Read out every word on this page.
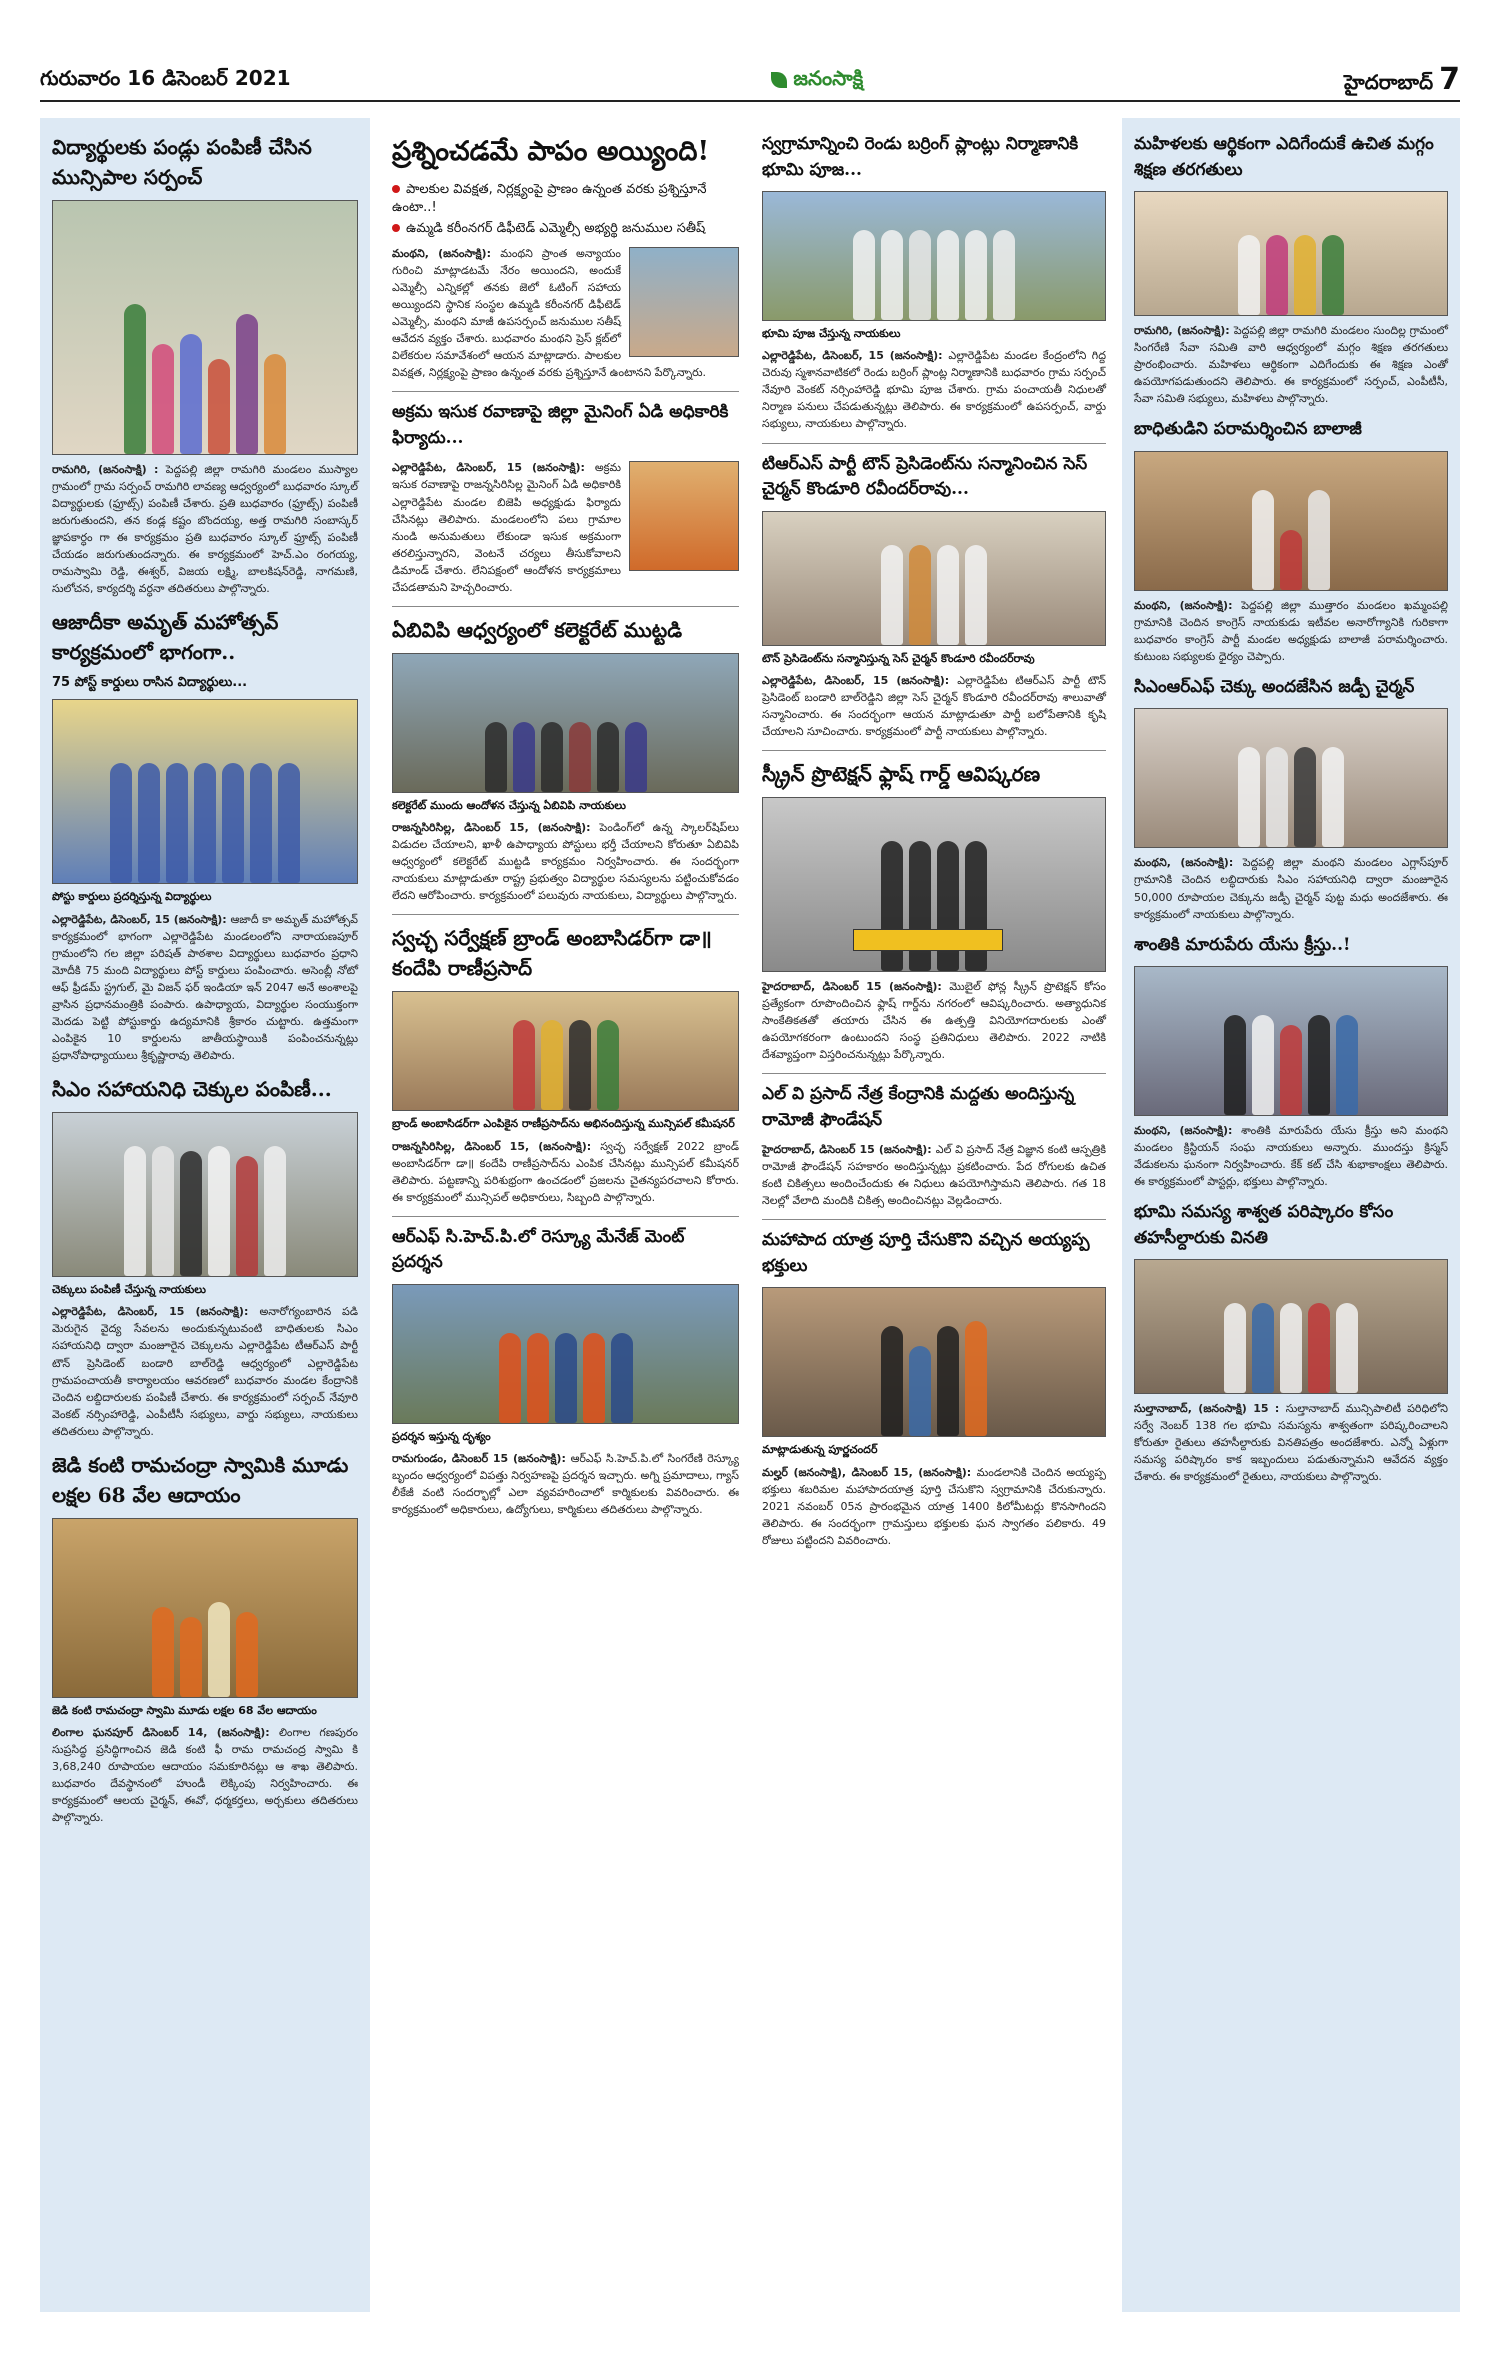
గురువారం 16 డిసెంబర్ 2021	జనంసాక్షి	హైదరాబాద్ 7
విద్యార్థులకు పండ్లు పంపిణీ చేసిన మున్సిపాల సర్పంచ్
రామగిరి, (జనంసాక్షి) : పెద్దపల్లి జిల్లా రామగిరి మండలం ముస్యాల గ్రామంలో గ్రామ సర్పంచ్ రామగిరి లావణ్య ఆధ్వర్యంలో బుధవారం స్కూల్ విద్యార్థులకు (ఫ్రూట్స్) పంపిణీ చేశారు. ప్రతి బుధవారం (ఫ్రూట్స్) పంపిణీ జరుగుతుందని, తన కండ్ల కష్టం బొందయ్య, అత్త రామగిరి సంబాస్కర్ జ్ఞాపకార్ధం గా ఈ కార్యక్రమం ప్రతి బుధవారం స్కూల్ ఫ్రూట్స్ పంపిణీ చేయడం జరుగుతుందన్నారు. ఈ కార్యక్రమంలో హెచ్.ఎం రంగయ్య, రామస్వామి రెడ్డి, ఈశ్వర్, విజయ లక్ష్మి, బాలకిషన్‌రెడ్డి, నాగమణి, సులోచన, కార్యదర్శి వర్ధనా తదితరులు పాల్గొన్నారు.
ఆజాదీకా అమృత్ మహోత్సవ్ కార్యక్రమంలో భాగంగా..
75 పోస్ట్ కార్డులు రాసిన విద్యార్థులు...
పోస్టు కార్డులు ప్రదర్శిస్తున్న విద్యార్థులు
ఎల్లారెడ్డిపేట, డిసెంబర్, 15 (జనంసాక్షి): ఆజాదీ కా అమృత్ మహోత్సవ్ కార్యక్రమంలో భాగంగా ఎల్లారెడ్డిపేట మండలంలోని నారాయణపూర్ గ్రామంలోని గల జిల్లా పరిషత్ పాఠశాల విద్యార్థులు బుధవారం ప్రధాని మోదీకి 75 మంది విద్యార్థులు పోస్ట్ కార్డులు పంపించారు. అసెంబ్లీ నోటో ఆఫ్ ఫ్రీడమ్ స్ట్రగుల్, మై విజన్ ఫర్ ఇండియా ఇన్ 2047 అనే అంశాలపై వ్రాసిన ప్రధానమంత్రికి పంపారు. ఉపాధ్యాయ, విద్యార్థుల సంయుక్తంగా మెదడు పెట్టి పోస్టుకార్డు ఉద్యమానికి శ్రీకారం చుట్టారు. ఉత్తమంగా ఎంపికైన 10 కార్డులను జాతీయస్థాయికి పంపించనున్నట్లు ప్రధానోపాధ్యాయులు శ్రీకృష్ణారావు తెలిపారు.
సిఎం సహాయనిధి చెక్కుల పంపిణీ...
చెక్కులు పంపిణీ చేస్తున్న నాయకులు
ఎల్లారెడ్డిపేట, డిసెంబర్, 15 (జనంసాక్షి): అనారోగ్యంబారిన పడి మెరుగైన వైద్య సేవలను అందుకున్నటువంటి బాధితులకు సిఎం సహాయనిధి ద్వారా మంజూరైన చెక్కులను ఎల్లారెడ్డిపేట టీఆర్ఎస్ పార్టీ టౌన్ ప్రెసిడెంట్ బండారి బాల్‌రెడ్డి ఆధ్వర్యంలో ఎల్లారెడ్డిపేట గ్రామపంచాయతీ కార్యాలయం ఆవరణలో బుధవారం మండల కేంద్రానికి చెందిన లబ్దిదారులకు పంపిణీ చేశారు. ఈ కార్యక్రమంలో సర్పంచ్ నేవూరి వెంకట్ నర్సింహారెడ్డి, ఎంపీటీసీ సభ్యులు, వార్డు సభ్యులు, నాయకులు తదితరులు పాల్గొన్నారు.
జెడి కంటి రామచంద్రా స్వామికి మూడు లక్షల 68 వేల ఆదాయం
జెడి కంటి రామచంద్రా స్వామి మూడు లక్షల 68 వేల ఆదాయం
లింగాల ఘనపూర్ డిసెంబర్ 14, (జనంసాక్షి): లింగాల గణపురం సుప్రసిద్ధ ప్రసిద్ధిగాంచిన జెడి కంటి ఫీ రామ రామచంద్ర స్వామి కి 3,68,240 రూపాయల ఆదాయం సమకూరినట్లు ఆ శాఖ తెలిపారు. బుధవారం దేవస్థానంలో హుండీ లెక్కింపు నిర్వహించారు. ఈ కార్యక్రమంలో ఆలయ చైర్మన్, ఈవో, ధర్మకర్తలు, అర్చకులు తదితరులు పాల్గొన్నారు.
ప్రశ్నించడమే పాపం అయ్యింది!
పాలకుల వివక్షత, నిర్లక్ష్యంపై ప్రాణం ఉన్నంత వరకు ప్రశ్నిస్తూనే ఉంటా..!
ఉమ్మడి కరీంనగర్ డిఫీటెడ్ ఎమ్మెల్సీ అభ్యర్థి జనుముల సతీష్
మంథని, (జనంసాక్షి): మంథని ప్రాంత అన్యాయం గురించి మాట్లాడటమే నేరం అయిందని, అందుకే ఎమ్మెల్సీ ఎన్నికల్లో తనకు జెలో ఓటింగ్ సహాయ అయ్యిందని స్థానిక సంస్థల ఉమ్మడి కరీంనగర్ డిఫీటెడ్ ఎమ్మెల్సీ, మంథని మాజీ ఉపసర్పంచ్ జనుముల సతీష్ ఆవేదన వ్యక్తం చేశారు. బుధవారం మంథని ప్రెస్ క్లబ్‌లో విలేకరుల సమావేశంలో ఆయన మాట్లాడారు. పాలకుల వివక్షత, నిర్లక్ష్యంపై ప్రాణం ఉన్నంత వరకు ప్రశ్నిస్తూనే ఉంటానని పేర్కొన్నారు.
అక్రమ ఇసుక రవాణాపై జిల్లా మైనింగ్ ఏడి అధికారికి ఫిర్యాదు...
ఎల్లారెడ్డిపేట, డిసెంబర్, 15 (జనంసాక్షి): అక్రమ ఇసుక రవాణాపై రాజన్నసిరిసిల్ల మైనింగ్ ఏడి అధికారికి ఎల్లారెడ్డిపేట మండల బిజెపి అధ్యక్షుడు ఫిర్యాదు చేసినట్లు తెలిపారు. మండలంలోని పలు గ్రామాల నుండి అనుమతులు లేకుండా ఇసుక అక్రమంగా తరలిస్తున్నారని, వెంటనే చర్యలు తీసుకోవాలని డిమాండ్ చేశారు. లేనిపక్షంలో ఆందోళన కార్యక్రమాలు చేపడతామని హెచ్చరించారు.
ఏబివిపి ఆధ్వర్యంలో కలెక్టరేట్ ముట్టడి
కలెక్టరేట్ ముందు ఆందోళన చేస్తున్న ఏబివిపి నాయకులు
రాజన్నసిరిసిల్ల, డిసెంబర్ 15, (జనంసాక్షి): పెండింగ్‌లో ఉన్న స్కాలర్‌షిప్‌లు విడుదల చేయాలని, ఖాళీ ఉపాధ్యాయ పోస్టులు భర్తీ చేయాలని కోరుతూ ఏబివిపి ఆధ్వర్యంలో కలెక్టరేట్ ముట్టడి కార్యక్రమం నిర్వహించారు. ఈ సందర్భంగా నాయకులు మాట్లాడుతూ రాష్ట్ర ప్రభుత్వం విద్యార్థుల సమస్యలను పట్టించుకోవడం లేదని ఆరోపించారు. కార్యక్రమంలో పలువురు నాయకులు, విద్యార్థులు పాల్గొన్నారు.
స్వచ్ఛ సర్వేక్షణ్ బ్రాండ్ అంబాసిడర్‌గా డా॥ కందేపి రాణీప్రసాద్
బ్రాండ్ అంబాసిడర్‌గా ఎంపికైన రాణీప్రసాద్‌ను అభినందిస్తున్న మున్సిపల్ కమీషనర్
రాజన్నసిరిసిల్ల, డిసెంబర్ 15, (జనంసాక్షి): స్వచ్ఛ సర్వేక్షణ్ 2022 బ్రాండ్ అంబాసిడర్‌గా డా॥ కందేపి రాణీప్రసాద్‌ను ఎంపిక చేసినట్లు మున్సిపల్ కమీషనర్ తెలిపారు. పట్టణాన్ని పరిశుభ్రంగా ఉంచడంలో ప్రజలను చైతన్యపరచాలని కోరారు. ఈ కార్యక్రమంలో మున్సిపల్ అధికారులు, సిబ్బంది పాల్గొన్నారు.
ఆర్ఎఫ్ సి.హెచ్.పి.లో రెస్క్యూ మేనేజ్ మెంట్ ప్రదర్శన
ప్రదర్శన ఇస్తున్న దృశ్యం
రామగుండం, డిసెంబర్ 15 (జనంసాక్షి): ఆర్ఎఫ్ సి.హెచ్.పి.లో సింగరేణి రెస్క్యూ బృందం ఆధ్వర్యంలో విపత్తు నిర్వహణపై ప్రదర్శన ఇచ్చారు. అగ్ని ప్రమాదాలు, గ్యాస్ లీకేజీ వంటి సందర్భాల్లో ఎలా వ్యవహరించాలో కార్మికులకు వివరించారు. ఈ కార్యక్రమంలో అధికారులు, ఉద్యోగులు, కార్మికులు తదితరులు పాల్గొన్నారు.
స్వగ్రామాన్నించి రెండు బర్రింగ్ ప్లాంట్లు నిర్మాణానికి భూమి పూజ...
భూమి పూజ చేస్తున్న నాయకులు
ఎల్లారెడ్డిపేట, డిసెంబర్, 15 (జనంసాక్షి): ఎల్లారెడ్డిపేట మండల కేంద్రంలోని గిద్ద చెరువు స్మశానవాటికలో రెండు బర్రింగ్ ప్లాంట్ల నిర్మాణానికి బుధవారం గ్రామ సర్పంచ్ నేవూరి వెంకట్ నర్సింహారెడ్డి భూమి పూజ చేశారు. గ్రామ పంచాయతీ నిధులతో నిర్మాణ పనులు చేపడుతున్నట్లు తెలిపారు. ఈ కార్యక్రమంలో ఉపసర్పంచ్, వార్డు సభ్యులు, నాయకులు పాల్గొన్నారు.
టిఆర్ఎస్ పార్టీ టౌన్ ప్రెసిడెంట్‌ను సన్మానించిన సెస్ చైర్మన్ కొండూరి రవీందర్‌రావు...
టౌన్ ప్రెసిడెంట్‌ను సన్మానిస్తున్న సెస్ చైర్మన్ కొండూరి రవీందర్‌రావు
ఎల్లారెడ్డిపేట, డిసెంబర్, 15 (జనంసాక్షి): ఎల్లారెడ్డిపేట టిఆర్ఎస్ పార్టీ టౌన్ ప్రెసిడెంట్ బండారి బాల్‌రెడ్డిని జిల్లా సెస్ చైర్మన్ కొండూరి రవీందర్‌రావు శాలువాతో సన్మానించారు. ఈ సందర్భంగా ఆయన మాట్లాడుతూ పార్టీ బలోపేతానికి కృషి చేయాలని సూచించారు. కార్యక్రమంలో పార్టీ నాయకులు పాల్గొన్నారు.
స్క్రీన్ ప్రొటెక్షన్ ఫ్లాష్ గార్డ్ ఆవిష్కరణ
హైదరాబాద్, డిసెంబర్ 15 (జనంసాక్షి): మొబైల్ ఫోన్ల స్క్రీన్ ప్రొటెక్షన్ కోసం ప్రత్యేకంగా రూపొందించిన ఫ్లాష్ గార్డ్‌ను నగరంలో ఆవిష్కరించారు. అత్యాధునిక సాంకేతికతతో తయారు చేసిన ఈ ఉత్పత్తి వినియోగదారులకు ఎంతో ఉపయోగకరంగా ఉంటుందని సంస్థ ప్రతినిధులు తెలిపారు. 2022 నాటికి దేశవ్యాప్తంగా విస్తరించనున్నట్లు పేర్కొన్నారు.
ఎల్ వి ప్రసాద్ నేత్ర కేంద్రానికి మద్దతు అందిస్తున్న రామోజీ ఫౌండేషన్
హైదరాబాద్, డిసెంబర్ 15 (జనంసాక్షి): ఎల్ వి ప్రసాద్ నేత్ర విజ్ఞాన కంటి ఆస్పత్రికి రామోజీ ఫౌండేషన్ సహకారం అందిస్తున్నట్లు ప్రకటించారు. పేద రోగులకు ఉచిత కంటి చికిత్సలు అందించేందుకు ఈ నిధులు ఉపయోగిస్తామని తెలిపారు. గత 18 నెలల్లో వేలాది మందికి చికిత్స అందించినట్లు వెల్లడించారు.
మహాపాద యాత్ర పూర్తి చేసుకొని వచ్చిన అయ్యప్ప భక్తులు
మాట్లాడుతున్న పూర్ణచందర్
మల్హర్ (జనంసాక్షి), డిసెంబర్ 15, (జనంసాక్షి): మండలానికి చెందిన అయ్యప్ప భక్తులు శబరిమల మహాపాదయాత్ర పూర్తి చేసుకొని స్వగ్రామానికి చేరుకున్నారు. 2021 నవంబర్ 05న ప్రారంభమైన యాత్ర 1400 కిలోమీటర్లు కొనసాగిందని తెలిపారు. ఈ సందర్భంగా గ్రామస్తులు భక్తులకు ఘన స్వాగతం పలికారు. 49 రోజులు పట్టిందని వివరించారు.
మహిళలకు ఆర్థికంగా ఎదిగేందుకే ఉచిత మగ్గం శిక్షణ తరగతులు
రామగిరి, (జనంసాక్షి): పెద్దపల్లి జిల్లా రామగిరి మండలం సుందిల్ల గ్రామంలో సింగరేణి సేవా సమితి వారి ఆధ్వర్యంలో మగ్గం శిక్షణ తరగతులు ప్రారంభించారు. మహిళలు ఆర్థికంగా ఎదిగేందుకు ఈ శిక్షణ ఎంతో ఉపయోగపడుతుందని తెలిపారు. ఈ కార్యక్రమంలో సర్పంచ్, ఎంపీటీసీ, సేవా సమితి సభ్యులు, మహిళలు పాల్గొన్నారు.
బాధితుడిని పరామర్శించిన బాలాజీ
మంథని, (జనంసాక్షి): పెద్దపల్లి జిల్లా ముత్తారం మండలం ఖమ్మంపల్లి గ్రామానికి చెందిన కాంగ్రెస్ నాయకుడు ఇటీవల అనారోగ్యానికి గురికాగా బుధవారం కాంగ్రెస్ పార్టీ మండల అధ్యక్షుడు బాలాజీ పరామర్శించారు. కుటుంబ సభ్యులకు ధైర్యం చెప్పారు.
సిఎంఆర్ఎఫ్ చెక్కు అందజేసిన జడ్పీ చైర్మన్
మంథని, (జనంసాక్షి): పెద్దపల్లి జిల్లా మంథని మండలం ఎగ్లాస్‌పూర్ గ్రామానికి చెందిన లబ్ధిదారుకు సిఎం సహాయనిధి ద్వారా మంజూరైన 50,000 రూపాయల చెక్కును జడ్పీ చైర్మన్ పుట్ట మధు అందజేశారు. ఈ కార్యక్రమంలో నాయకులు పాల్గొన్నారు.
శాంతికి మారుపేరు యేసు క్రీస్తు..!
మంథని, (జనంసాక్షి): శాంతికి మారుపేరు యేసు క్రీస్తు అని మంథని మండలం క్రిస్టియన్ సంఘ నాయకులు అన్నారు. ముందస్తు క్రిస్మస్ వేడుకలను ఘనంగా నిర్వహించారు. కేక్ కట్ చేసి శుభాకాంక్షలు తెలిపారు. ఈ కార్యక్రమంలో పాస్టర్లు, భక్తులు పాల్గొన్నారు.
భూమి సమస్య శాశ్వత పరిష్కారం కోసం తహసీల్దారుకు వినతి
సుల్తానాబాద్, (జనంసాక్షి) 15 : సుల్తానాబాద్ మున్సిపాలిటీ పరిధిలోని సర్వే నెంబర్ 138 గల భూమి సమస్యను శాశ్వతంగా పరిష్కరించాలని కోరుతూ రైతులు తహసీల్దారుకు వినతిపత్రం అందజేశారు. ఎన్నో ఏళ్లుగా సమస్య పరిష్కారం కాక ఇబ్బందులు పడుతున్నామని ఆవేదన వ్యక్తం చేశారు. ఈ కార్యక్రమంలో రైతులు, నాయకులు పాల్గొన్నారు.
